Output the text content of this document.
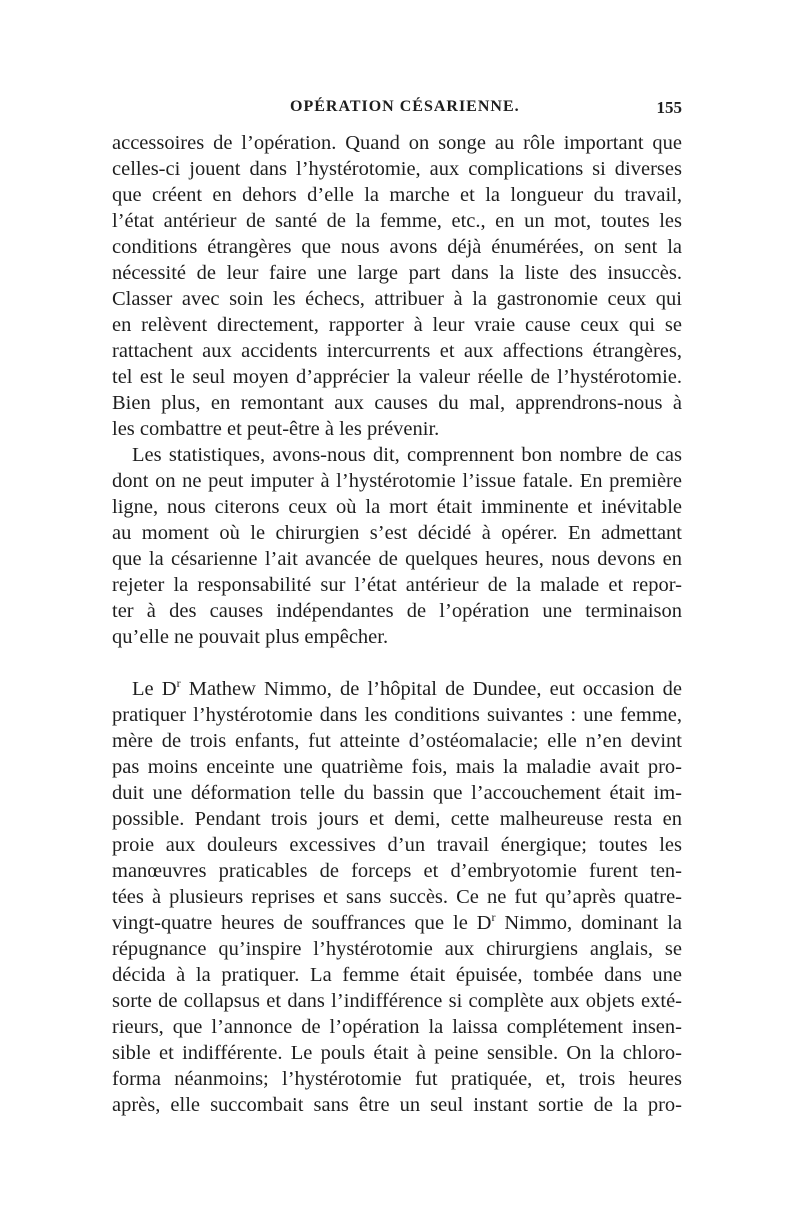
OPÉRATION CÉSARIENNE.	155
accessoires de l’opération. Quand on songe au rôle important que
celles-ci jouent dans l’hystérotomie, aux complications si diverses
que créent en dehors d’elle la marche et la longueur du travail,
l’état antérieur de santé de la femme, etc., en un mot, toutes les
conditions étrangères que nous avons déjà énumérées, on sent la
nécessité de leur faire une large part dans la liste des insuccès.
Classer avec soin les échecs, attribuer à la gastronomie ceux qui
en relèvent directement, rapporter à leur vraie cause ceux qui se
rattachent aux accidents intercurrents et aux affections étrangères,
tel est le seul moyen d’apprécier la valeur réelle de l’hystérotomie.
Bien plus, en remontant aux causes du mal, apprendrons-nous à
les combattre et peut-être à les prévenir.
Les statistiques, avons-nous dit, comprennent bon nombre de cas
dont on ne peut imputer à l’hystérotomie l’issue fatale. En première
ligne, nous citerons ceux où la mort était imminente et inévitable
au moment où le chirurgien s’est décidé à opérer. En admettant
que la césarienne l’ait avancée de quelques heures, nous devons en
rejeter la responsabilité sur l’état antérieur de la malade et repor-
ter à des causes indépendantes de l’opération une terminaison
qu’elle ne pouvait plus empêcher.
Le $D^r$ Mathew Nimmo, de l’hôpital de Dundee, eut occasion de
pratiquer l’hystérotomie dans les conditions suivantes : une femme,
mère de trois enfants, fut atteinte d’ostéomalacie; elle n’en devint
pas moins enceinte une quatrième fois, mais la maladie avait pro-
duit une déformation telle du bassin que l’accouchement était im-
possible. Pendant trois jours et demi, cette malheureuse resta en
proie aux douleurs excessives d’un travail énergique; toutes les
manœuvres praticables de forceps et d’embryotomie furent ten-
tées à plusieurs reprises et sans succès. Ce ne fut qu’après quatre-
vingt-quatre heures de souffrances que le $D^r$ Nimmo, dominant la
répugnance qu’inspire l’hystérotomie aux chirurgiens anglais, se
décida à la pratiquer. La femme était épuisée, tombée dans une
sorte de collapsus et dans l’indifférence si complète aux objets exté-
rieurs, que l’annonce de l’opération la laissa complétement insen-
sible et indifférente. Le pouls était à peine sensible. On la chloro-
forma néanmoins; l’hystérotomie fut pratiquée, et, trois heures
après, elle succombait sans être un seul instant sortie de la pro-
